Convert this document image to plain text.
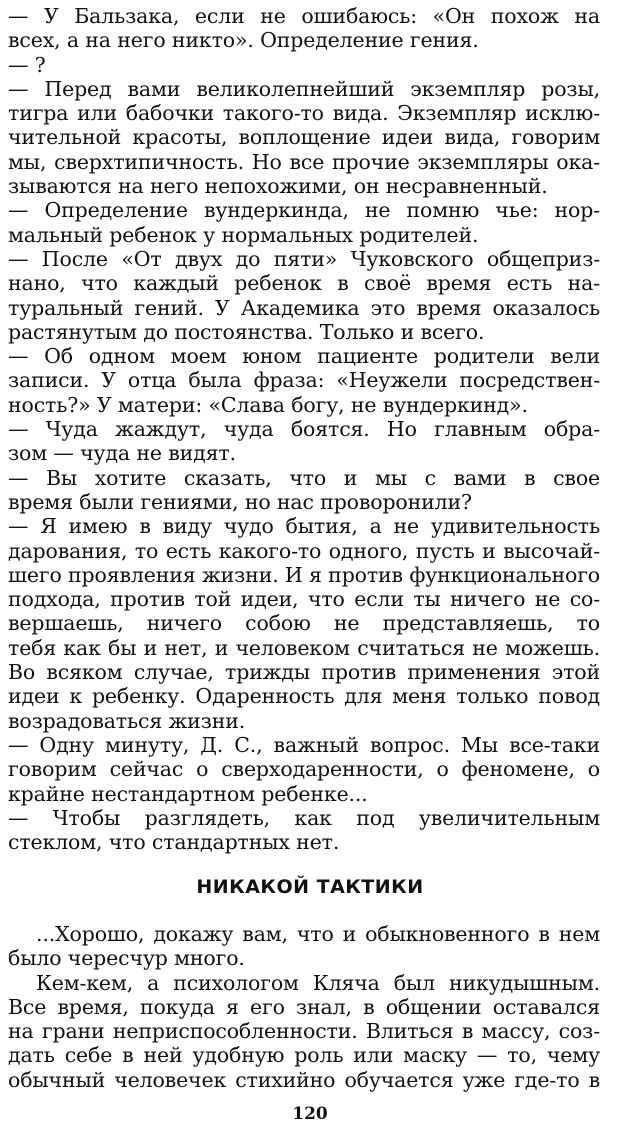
— У Бальзака, если не ошибаюсь: «Он похож на
всех, а на него никто». Определение гения.
— ?
— Перед вами великолепнейший экземпляр розы,
тигра или бабочки такого-то вида. Экземпляр исклю-
чительной красоты, воплощение идеи вида, говорим
мы, сверхтипичность. Но все прочие экземпляры ока-
зываются на него непохожими, он несравненный.
— Определение вундеркинда, не помню чье: нор-
мальный ребенок у нормальных родителей.
— После «От двух до пяти» Чуковского общеприз-
нано, что каждый ребенок в своё время есть на-
туральный гений. У Академика это время оказалось
растянутым до постоянства. Только и всего.
— Об одном моем юном пациенте родители вели
записи. У отца была фраза: «Неужели посредствен-
ность?» У матери: «Слава богу, не вундеркинд».
— Чуда жаждут, чуда боятся. Но главным обра-
зом — чуда не видят.
— Вы хотите сказать, что и мы с вами в свое
время были гениями, но нас проворонили?
— Я имею в виду чудо бытия, а не удивительность
дарования, то есть какого-то одного, пусть и высочай-
шего проявления жизни. И я против функционального
подхода, против той идеи, что если ты ничего не со-
вершаешь, ничего собою не представляешь, то
тебя как бы и нет, и человеком считаться не можешь.
Во всяком случае, трижды против применения этой
идеи к ребенку. Одаренность для меня только повод
возрадоваться жизни.
— Одну минуту, Д. С., важный вопрос. Мы все-таки
говорим сейчас о сверходаренности, о феномене, о
крайне нестандартном ребенке...
— Чтобы разглядеть, как под увеличительным
стеклом, что стандартных нет.
НИКАКОЙ ТАКТИКИ
...Хорошо, докажу вам, что и обыкновенного в нем
было чересчур много.
Кем-кем, а психологом Кляча был никудышным.
Все время, покуда я его знал, в общении оставался
на грани неприспособленности. Влиться в массу, соз-
дать себе в ней удобную роль или маску — то, чему
обычный человечек стихийно обучается уже где-то в
120
